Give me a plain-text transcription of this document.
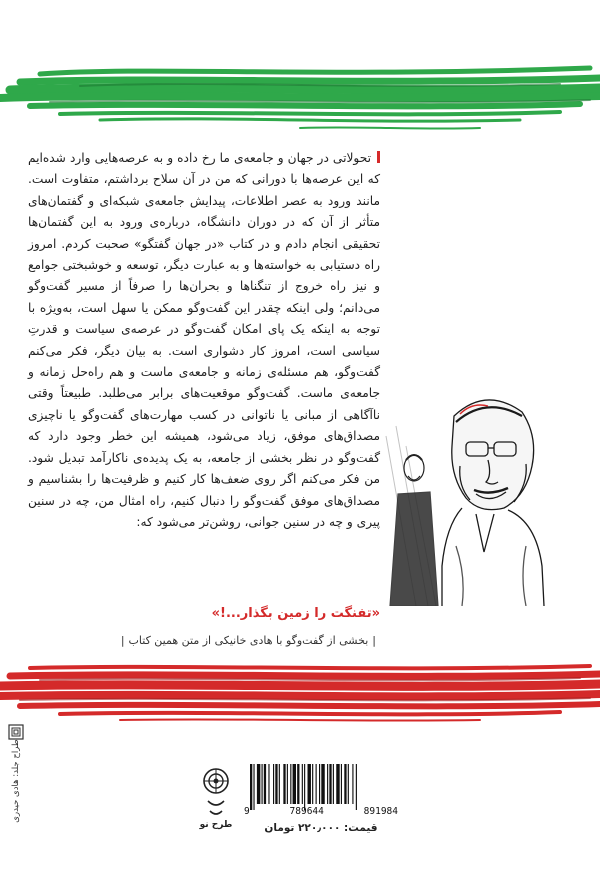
تحولاتی در جهان و جامعه‌ی ما رخ داده و به عرصه‌هایی وارد شده‌ایم که این عرصه‌ها با دورانی که من در آن سلاح برداشتم، متفاوت است. مانند ورود به عصر اطلاعات، پیدایش جامعه‌ی شبکه‌ای و گفتمان‌های متأثر از آن که در دوران دانشگاه، درباره‌ی ورود به این گفتمان‌ها تحقیقی انجام دادم و در کتاب «در جهان گفتگو» صحبت کردم. امروز راه دستیابی به خواسته‌ها و به عبارت دیگر، توسعه و خوشبختی جوامع و نیز راه خروج از تنگناها و بحران‌ها را صرفاً از مسیر گفت‌وگو می‌دانم؛ ولی اینکه چقدر این گفت‌وگو ممکن یا سهل است، به‌ویژه با توجه به اینکه یک پای امکان گفت‌وگو در عرصه‌ی سیاست و قدرتِ سیاسی است، امروز کار دشواری است. به بیان دیگر، فکر می‌کنم گفت‌وگو، هم مسئله‌ی زمانه و جامعه‌ی ماست و هم راه‌حل زمانه و جامعه‌ی ماست. گفت‌وگو موقعیت‌های برابر می‌طلبد. طبیعتاً وقتی ناآگاهی از مبانی یا ناتوانی در کسب مهارت‌های گفت‌وگو یا ناچیزی مصداق‌های موفق، زیاد می‌شود، همیشه این خطر وجود دارد که گفت‌وگو در نظر بخشی از جامعه، به یک پدیده‌ی ناکارآمد تبدیل شود. من فکر می‌کنم اگر روی ضعف‌ها کار کنیم و ظرفیت‌ها را بشناسیم و مصداق‌های موفق گفت‌وگو را دنبال کنیم، راه امثال من، چه در سنین پیری و چه در سنین جوانی، روشن‌تر می‌شود که:
«تفنگت را زمین بگذار...!»
|بخشی از گفت‌وگو با هادی خانیکی از متن همین کتاب|
طراح جلد: هادی حیدری
طرح نو
9	789644	891984
قیمت: ۲۲۰٫۰۰۰ تومان
